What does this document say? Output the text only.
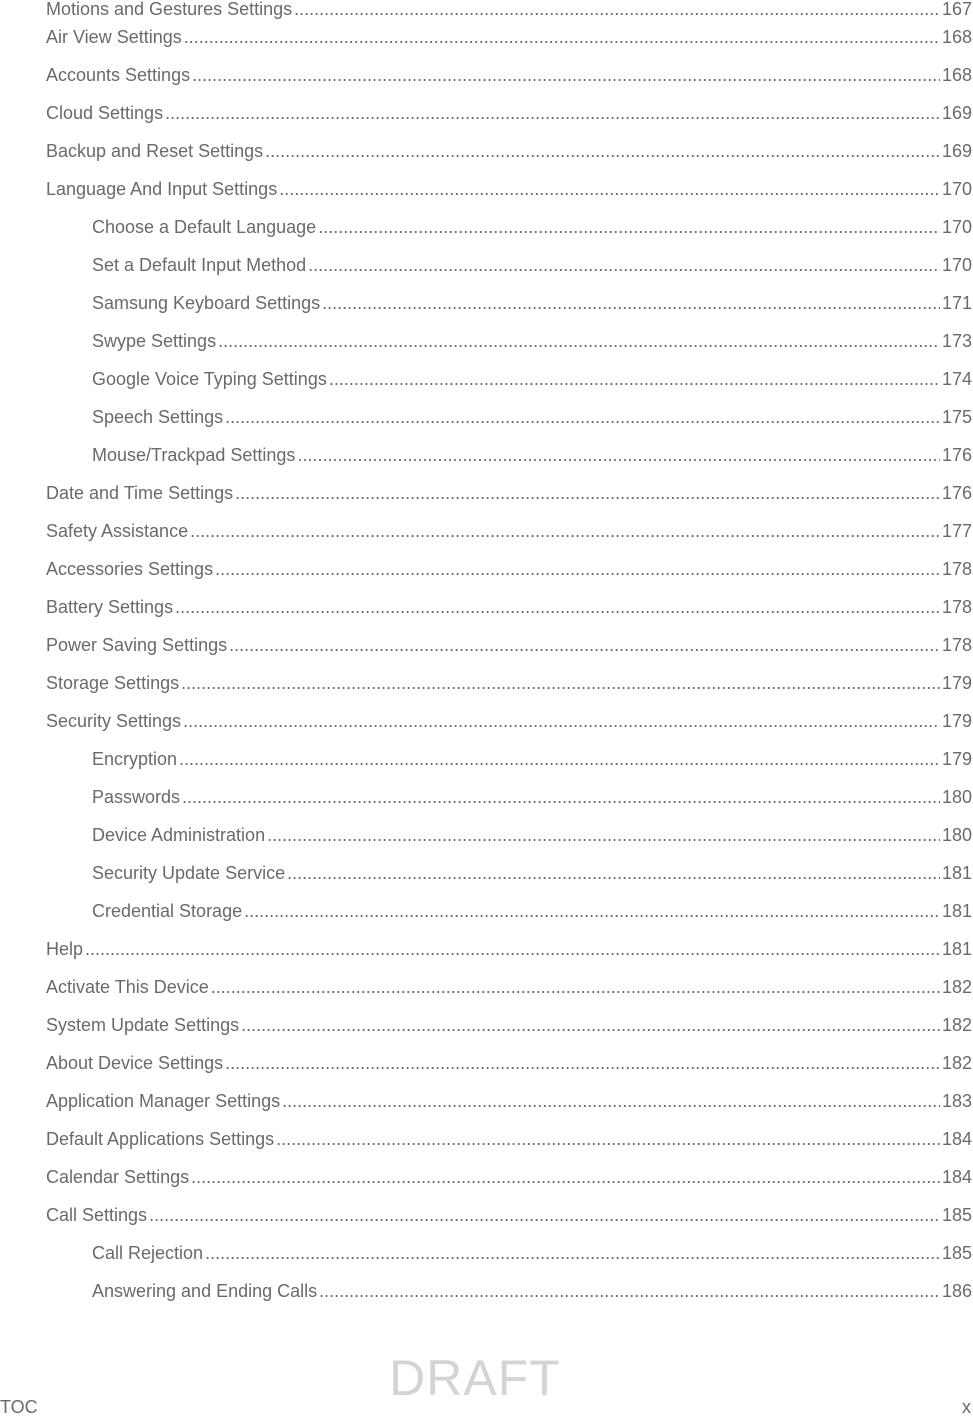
Motions and Gestures Settings .....	167
Air View Settings .....	168
Accounts Settings .....	168
Cloud Settings .....	169
Backup and Reset Settings .....	169
Language And Input Settings .....	170
Choose a Default Language .....	170
Set a Default Input Method .....	170
Samsung Keyboard Settings .....	171
Swype Settings .....	173
Google Voice Typing Settings .....	174
Speech Settings .....	175
Mouse/Trackpad Settings .....	176
Date and Time Settings .....	176
Safety Assistance .....	177
Accessories Settings .....	178
Battery Settings .....	178
Power Saving Settings .....	178
Storage Settings .....	179
Security Settings .....	179
Encryption .....	179
Passwords .....	180
Device Administration .....	180
Security Update Service .....	181
Credential Storage .....	181
Help .....	181
Activate This Device .....	182
System Update Settings .....	182
About Device Settings .....	182
Application Manager Settings .....	183
Default Applications Settings .....	184
Calendar Settings .....	184
Call Settings .....	185
Call Rejection .....	185
Answering and Ending Calls .....	186
DRAFT
TOC	x
